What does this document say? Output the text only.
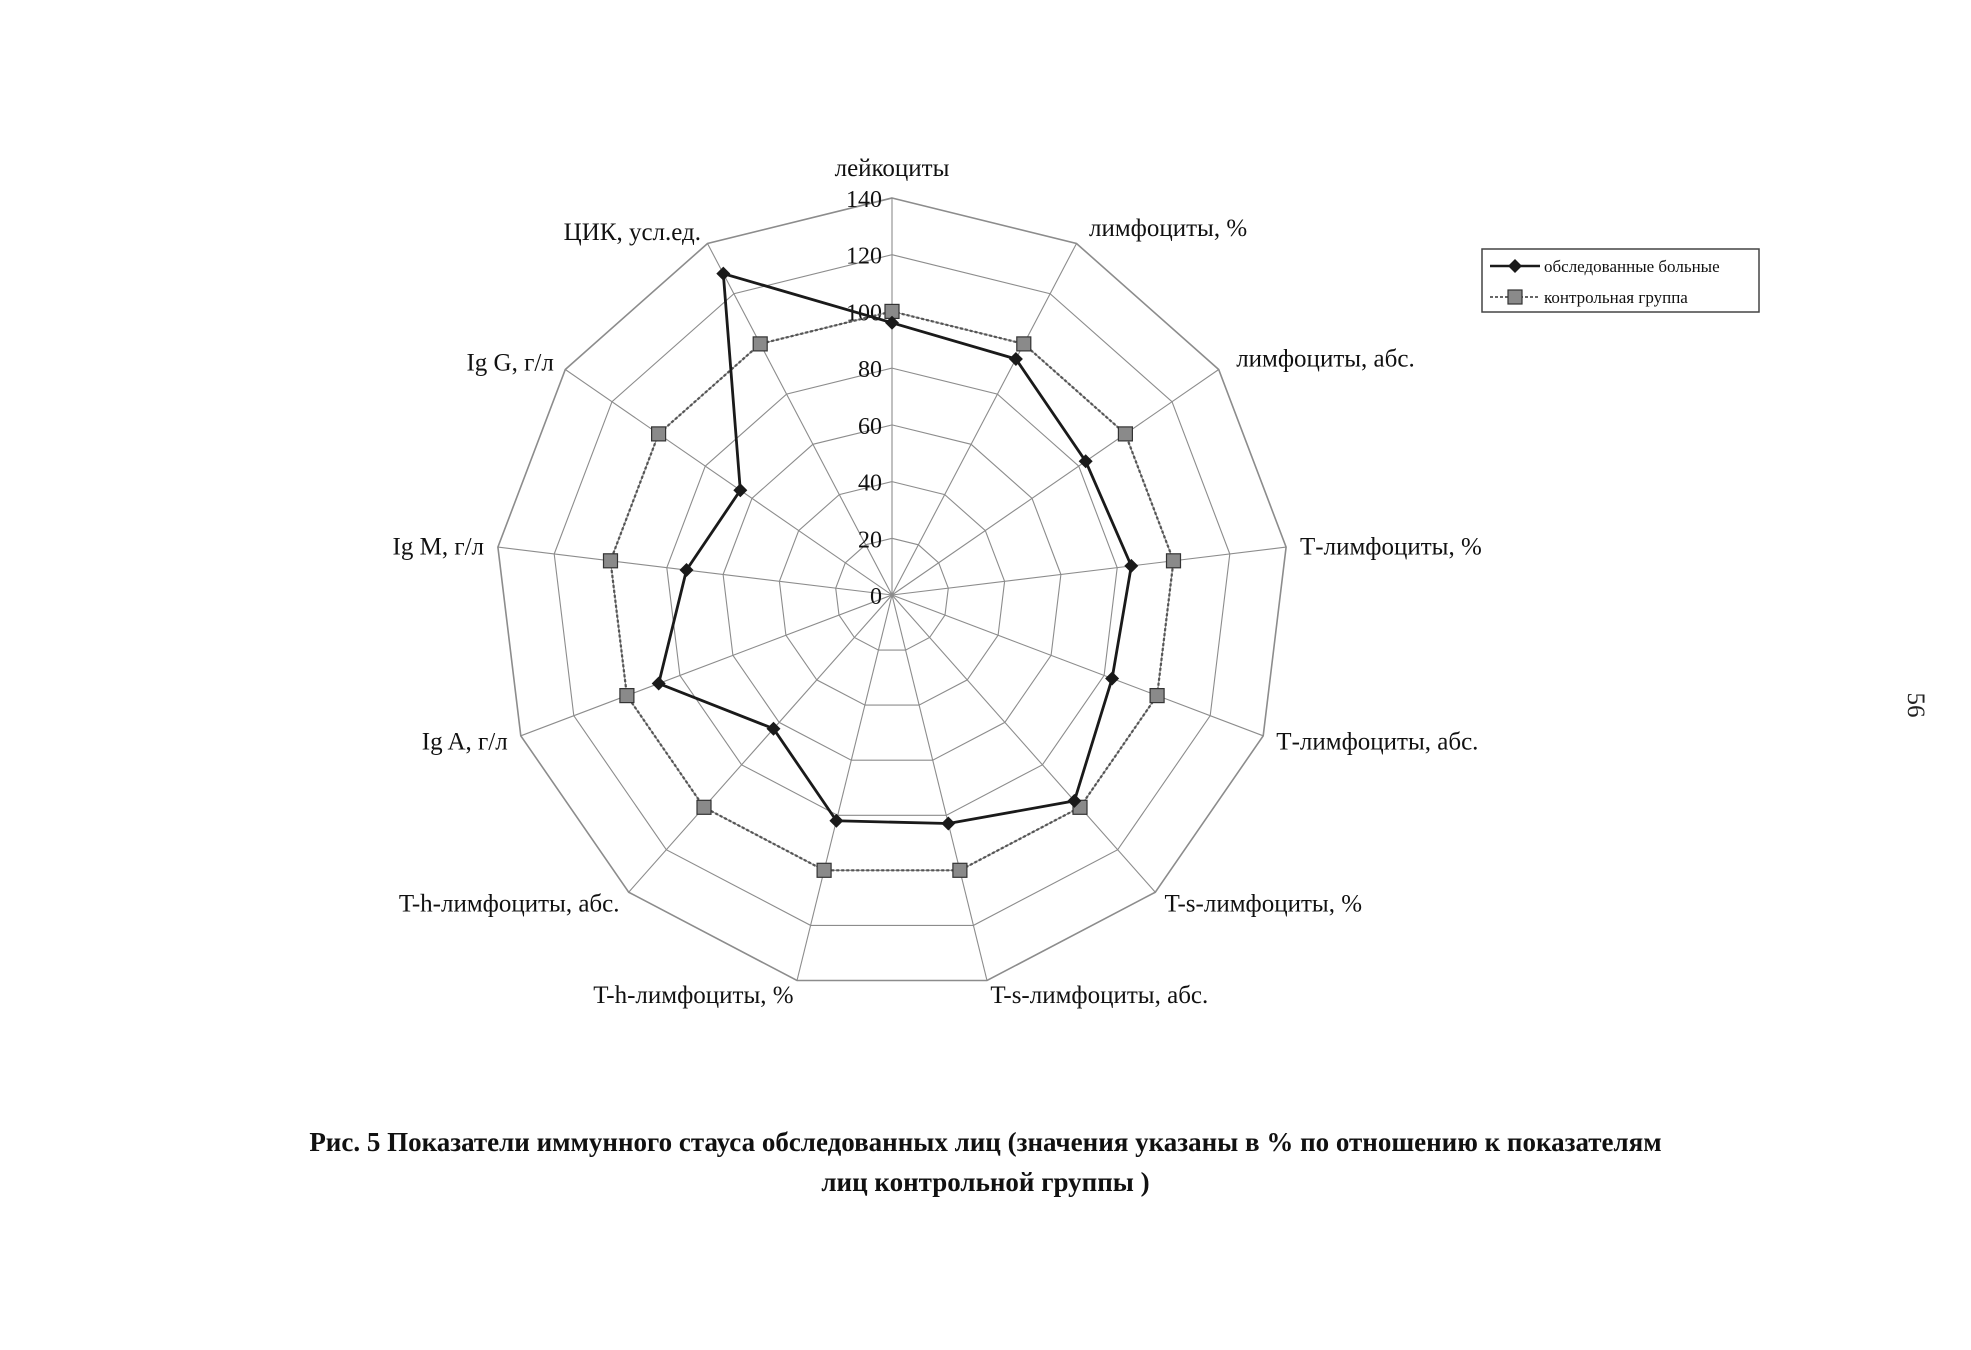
0
20
40
60
80
100
120
140
лейкоциты
лимфоциты, %
лимфоциты, абс.
Т-лимфоциты, %
Т-лимфоциты, абс.
T-s-лимфоциты, %
T-s-лимфоциты, абс.
T-h-лимфоциты, %
T-h-лимфоциты, абс.
Ig A, г/л
Ig M, г/л
Ig G, г/л
ЦИК, усл.ед.
обследованные больные
контрольная группа
Рис. 5 Показатели иммунного стауса обследованных лиц (значения указаны в % по отношению к показателям
лиц контрольной группы )
56
